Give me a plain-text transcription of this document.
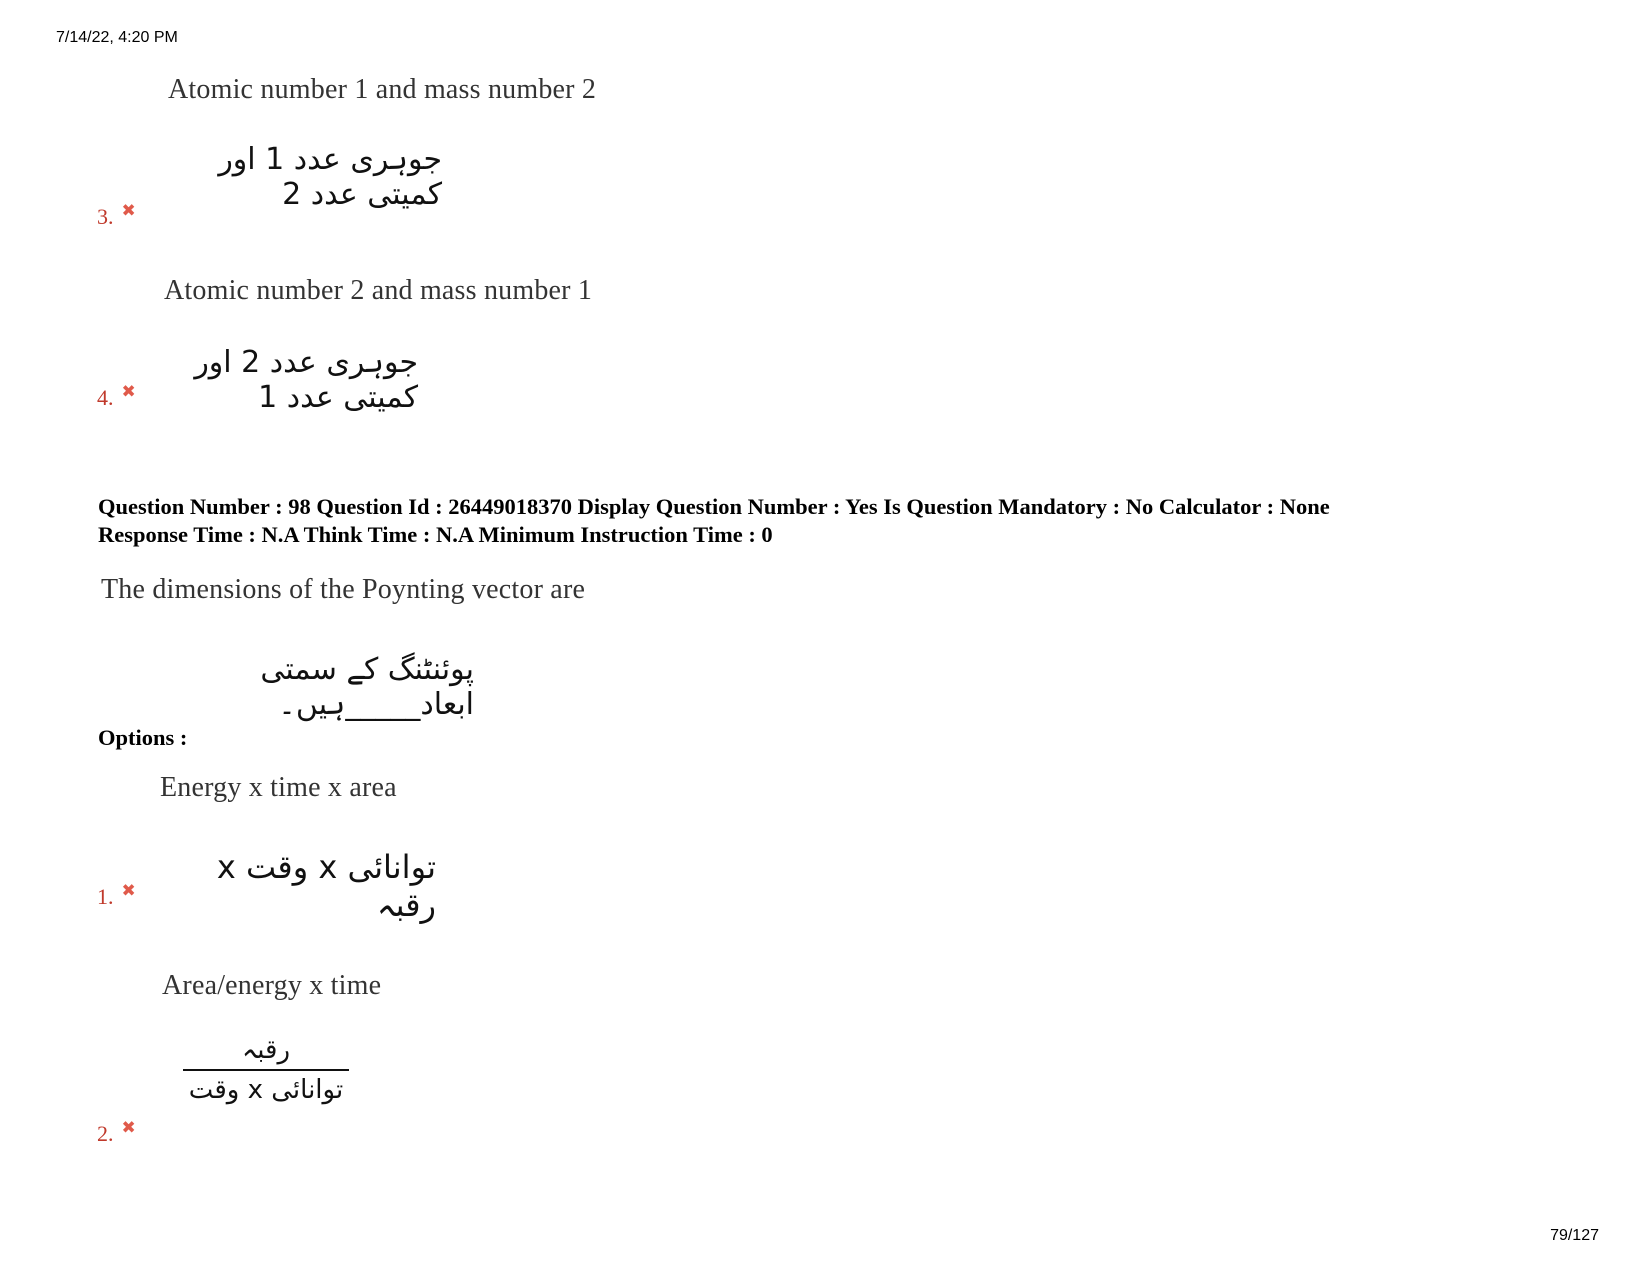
7/14/22, 4:20 PM
Atomic number 1 and mass number 2
جوہری عدد 1 اور کمیتی عدد 2
3. ✖
Atomic number 2 and mass number 1
جوہری عدد 2 اور کمیتی عدد 1
4. ✖
Question Number : 98 Question Id : 26449018370 Display Question Number : Yes Is Question Mandatory : No Calculator : None
Response Time : N.A Think Time : N.A Minimum Instruction Time : 0
The dimensions of the Poynting vector are
پوئنٹنگ کے سمتی ابعاد_____ہیں۔
Options :
Energy x time x area
توانائی x وقت x رقبہ
1. ✖
Area/energy x time
رقبہ
توانائی x وقت
2. ✖
79/127
